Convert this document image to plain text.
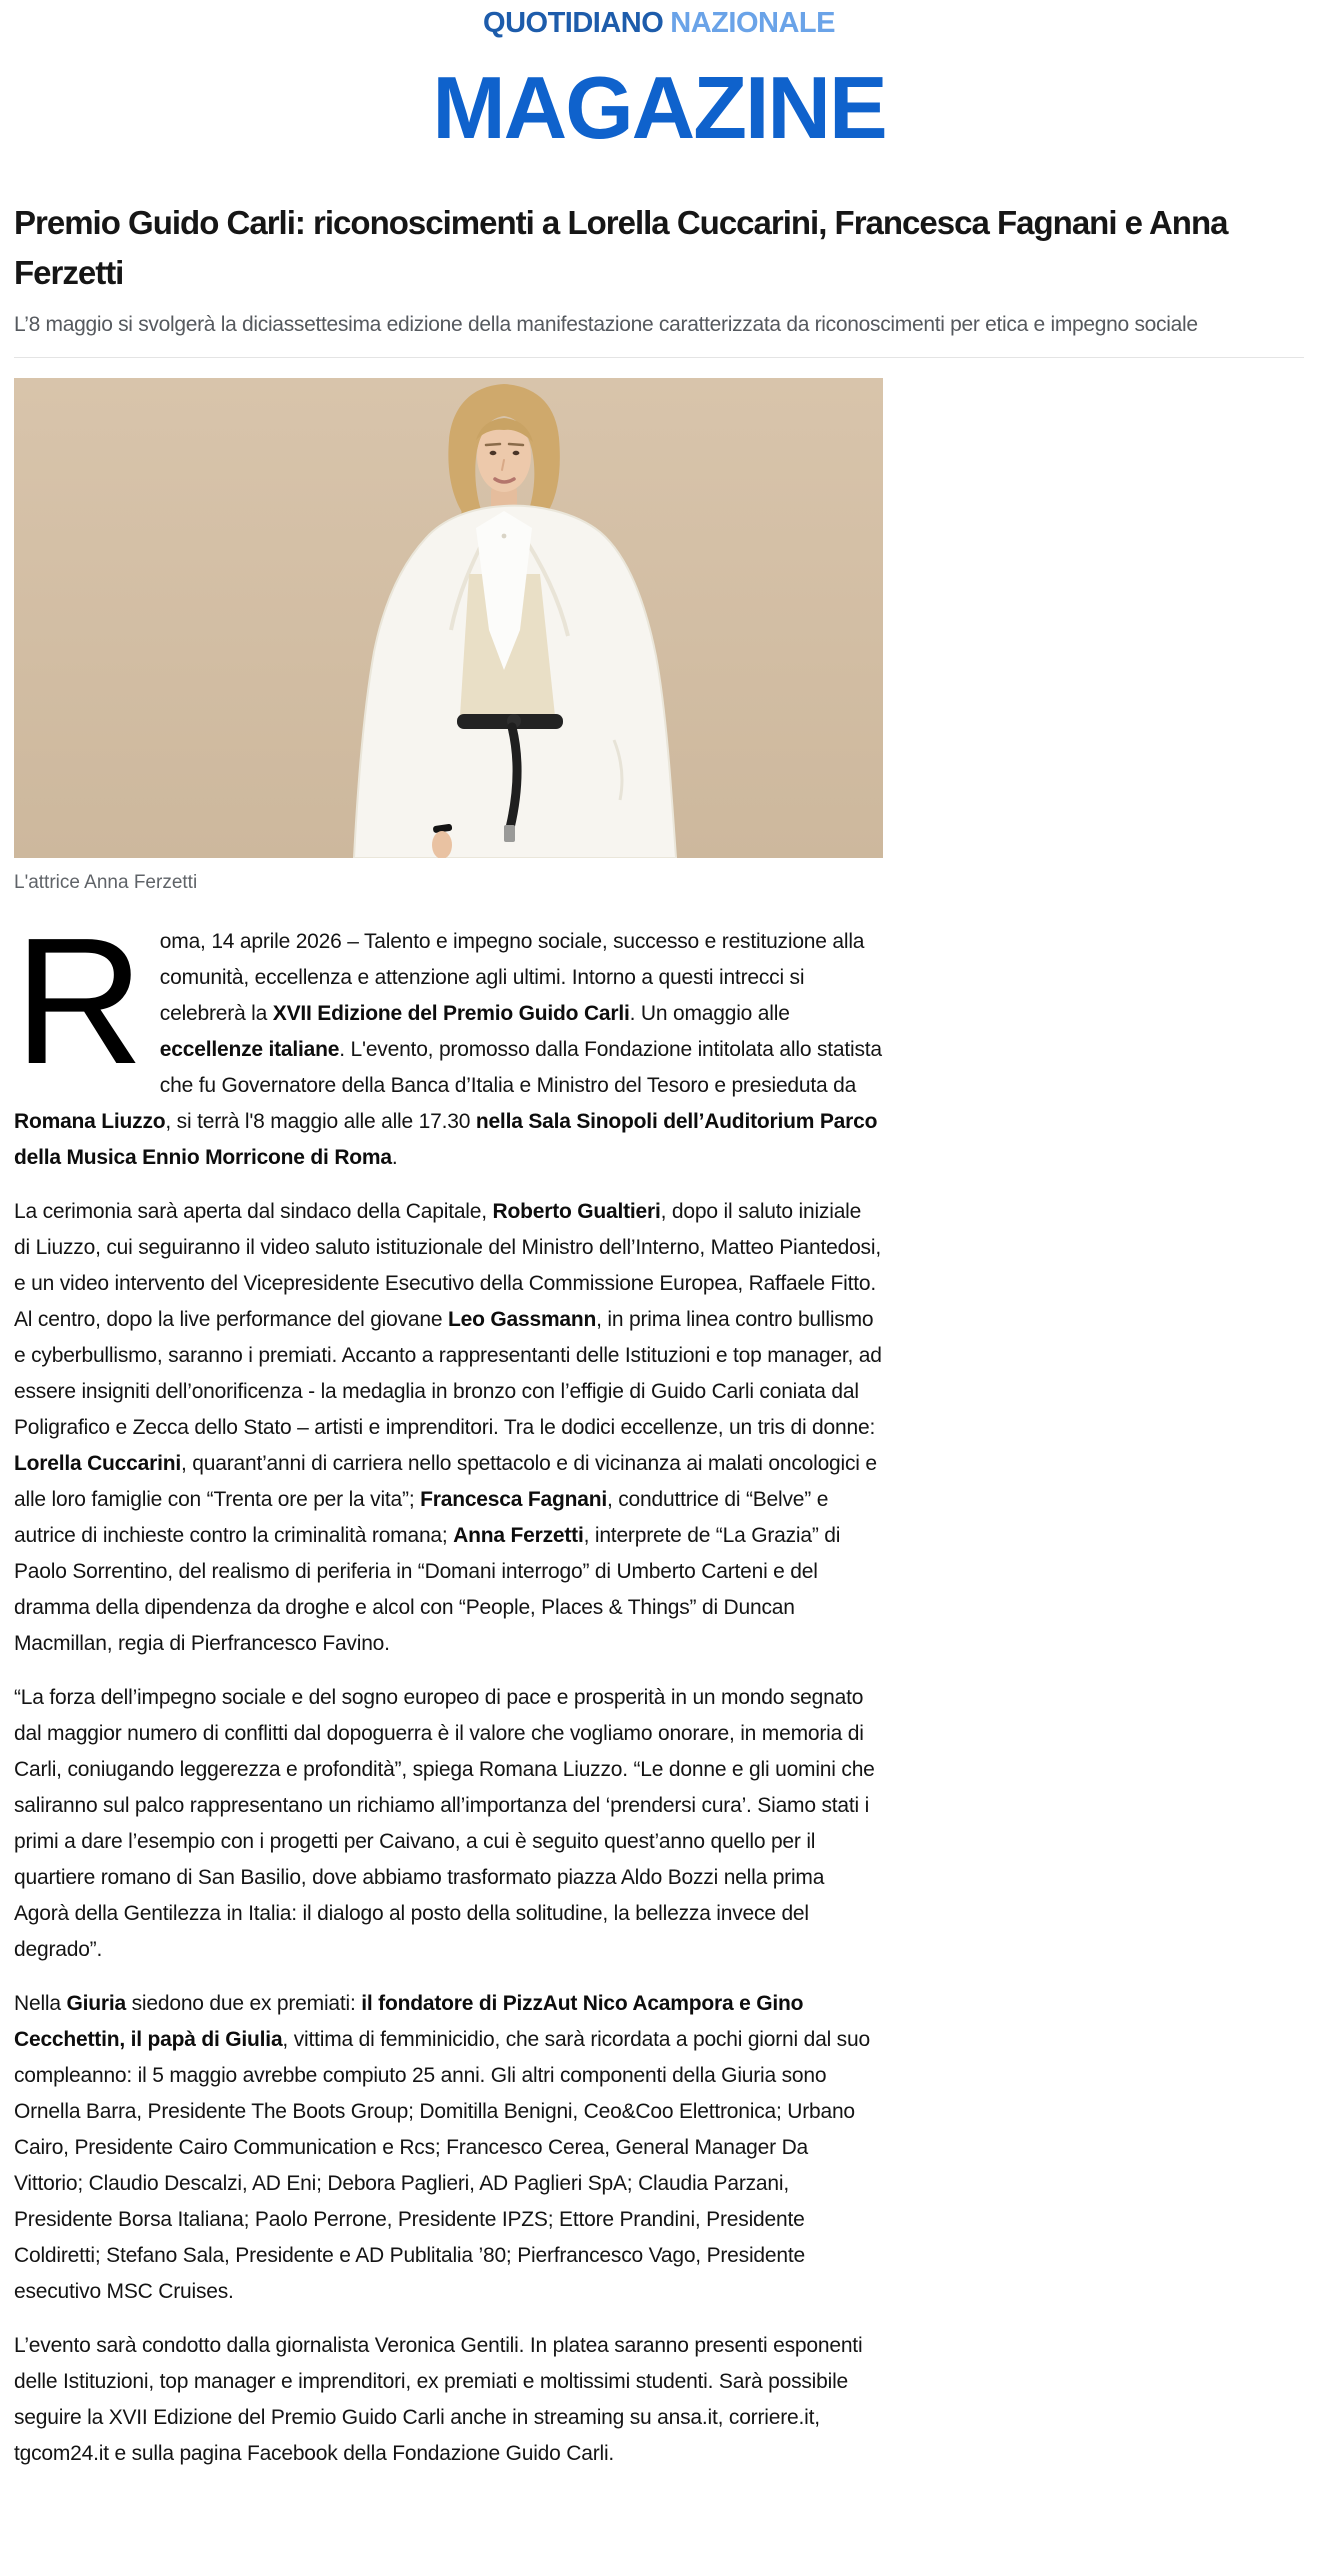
QUOTIDIANO NAZIONALE
MAGAZINE
Premio Guido Carli: riconoscimenti a Lorella Cuccarini, Francesca Fagnani e Anna Ferzetti

L’8 maggio si svolgerà la diciassettesima edizione della manifestazione caratterizzata da riconoscimenti per etica e impegno sociale

L'attrice Anna Ferzetti

Roma, 14 aprile 2026 – Talento e impegno sociale, successo e restituzione alla comunità, eccellenza e attenzione agli ultimi. Intorno a questi intrecci si celebrerà la XVII Edizione del Premio Guido Carli. Un omaggio alle eccellenze italiane. L'evento, promosso dalla Fondazione intitolata allo statista che fu Governatore della Banca d’Italia e Ministro del Tesoro e presieduta da Romana Liuzzo, si terrà l'8 maggio alle alle 17.30 nella Sala Sinopoli dell’Auditorium Parco della Musica Ennio Morricone di Roma.

La cerimonia sarà aperta dal sindaco della Capitale, Roberto Gualtieri, dopo il saluto iniziale di Liuzzo, cui seguiranno il video saluto istituzionale del Ministro dell’Interno, Matteo Piantedosi, e un video intervento del Vicepresidente Esecutivo della Commissione Europea, Raffaele Fitto. Al centro, dopo la live performance del giovane Leo Gassmann, in prima linea contro bullismo e cyberbullismo, saranno i premiati. Accanto a rappresentanti delle Istituzioni e top manager, ad essere insigniti dell’onorificenza - la medaglia in bronzo con l’effigie di Guido Carli coniata dal Poligrafico e Zecca dello Stato – artisti e imprenditori. Tra le dodici eccellenze, un tris di donne: Lorella Cuccarini, quarant’anni di carriera nello spettacolo e di vicinanza ai malati oncologici e alle loro famiglie con “Trenta ore per la vita”; Francesca Fagnani, conduttrice di “Belve” e autrice di inchieste contro la criminalità romana; Anna Ferzetti, interprete de “La Grazia” di Paolo Sorrentino, del realismo di periferia in “Domani interrogo” di Umberto Carteni e del dramma della dipendenza da droghe e alcol con “People, Places & Things” di Duncan Macmillan, regia di Pierfrancesco Favino.

“La forza dell’impegno sociale e del sogno europeo di pace e prosperità in un mondo segnato dal maggior numero di conflitti dal dopoguerra è il valore che vogliamo onorare, in memoria di Carli, coniugando leggerezza e profondità”, spiega Romana Liuzzo. “Le donne e gli uomini che saliranno sul palco rappresentano un richiamo all’importanza del ‘prendersi cura’. Siamo stati i primi a dare l’esempio con i progetti per Caivano, a cui è seguito quest’anno quello per il quartiere romano di San Basilio, dove abbiamo trasformato piazza Aldo Bozzi nella prima Agorà della Gentilezza in Italia: il dialogo al posto della solitudine, la bellezza invece del degrado”.

Nella Giuria siedono due ex premiati: il fondatore di PizzAut Nico Acampora e Gino Cecchettin, il papà di Giulia, vittima di femminicidio, che sarà ricordata a pochi giorni dal suo compleanno: il 5 maggio avrebbe compiuto 25 anni. Gli altri componenti della Giuria sono Ornella Barra, Presidente The Boots Group; Domitilla Benigni, Ceo&Coo Elettronica; Urbano Cairo, Presidente Cairo Communication e Rcs; Francesco Cerea, General Manager Da Vittorio; Claudio Descalzi, AD Eni; Debora Paglieri, AD Paglieri SpA; Claudia Parzani, Presidente Borsa Italiana; Paolo Perrone, Presidente IPZS; Ettore Prandini, Presidente Coldiretti; Stefano Sala, Presidente e AD Publitalia ’80; Pierfrancesco Vago, Presidente esecutivo MSC Cruises.

L’evento sarà condotto dalla giornalista Veronica Gentili. In platea saranno presenti esponenti delle Istituzioni, top manager e imprenditori, ex premiati e moltissimi studenti. Sarà possibile seguire la XVII Edizione del Premio Guido Carli anche in streaming su ansa.it, corriere.it, tgcom24.it e sulla pagina Facebook della Fondazione Guido Carli.
